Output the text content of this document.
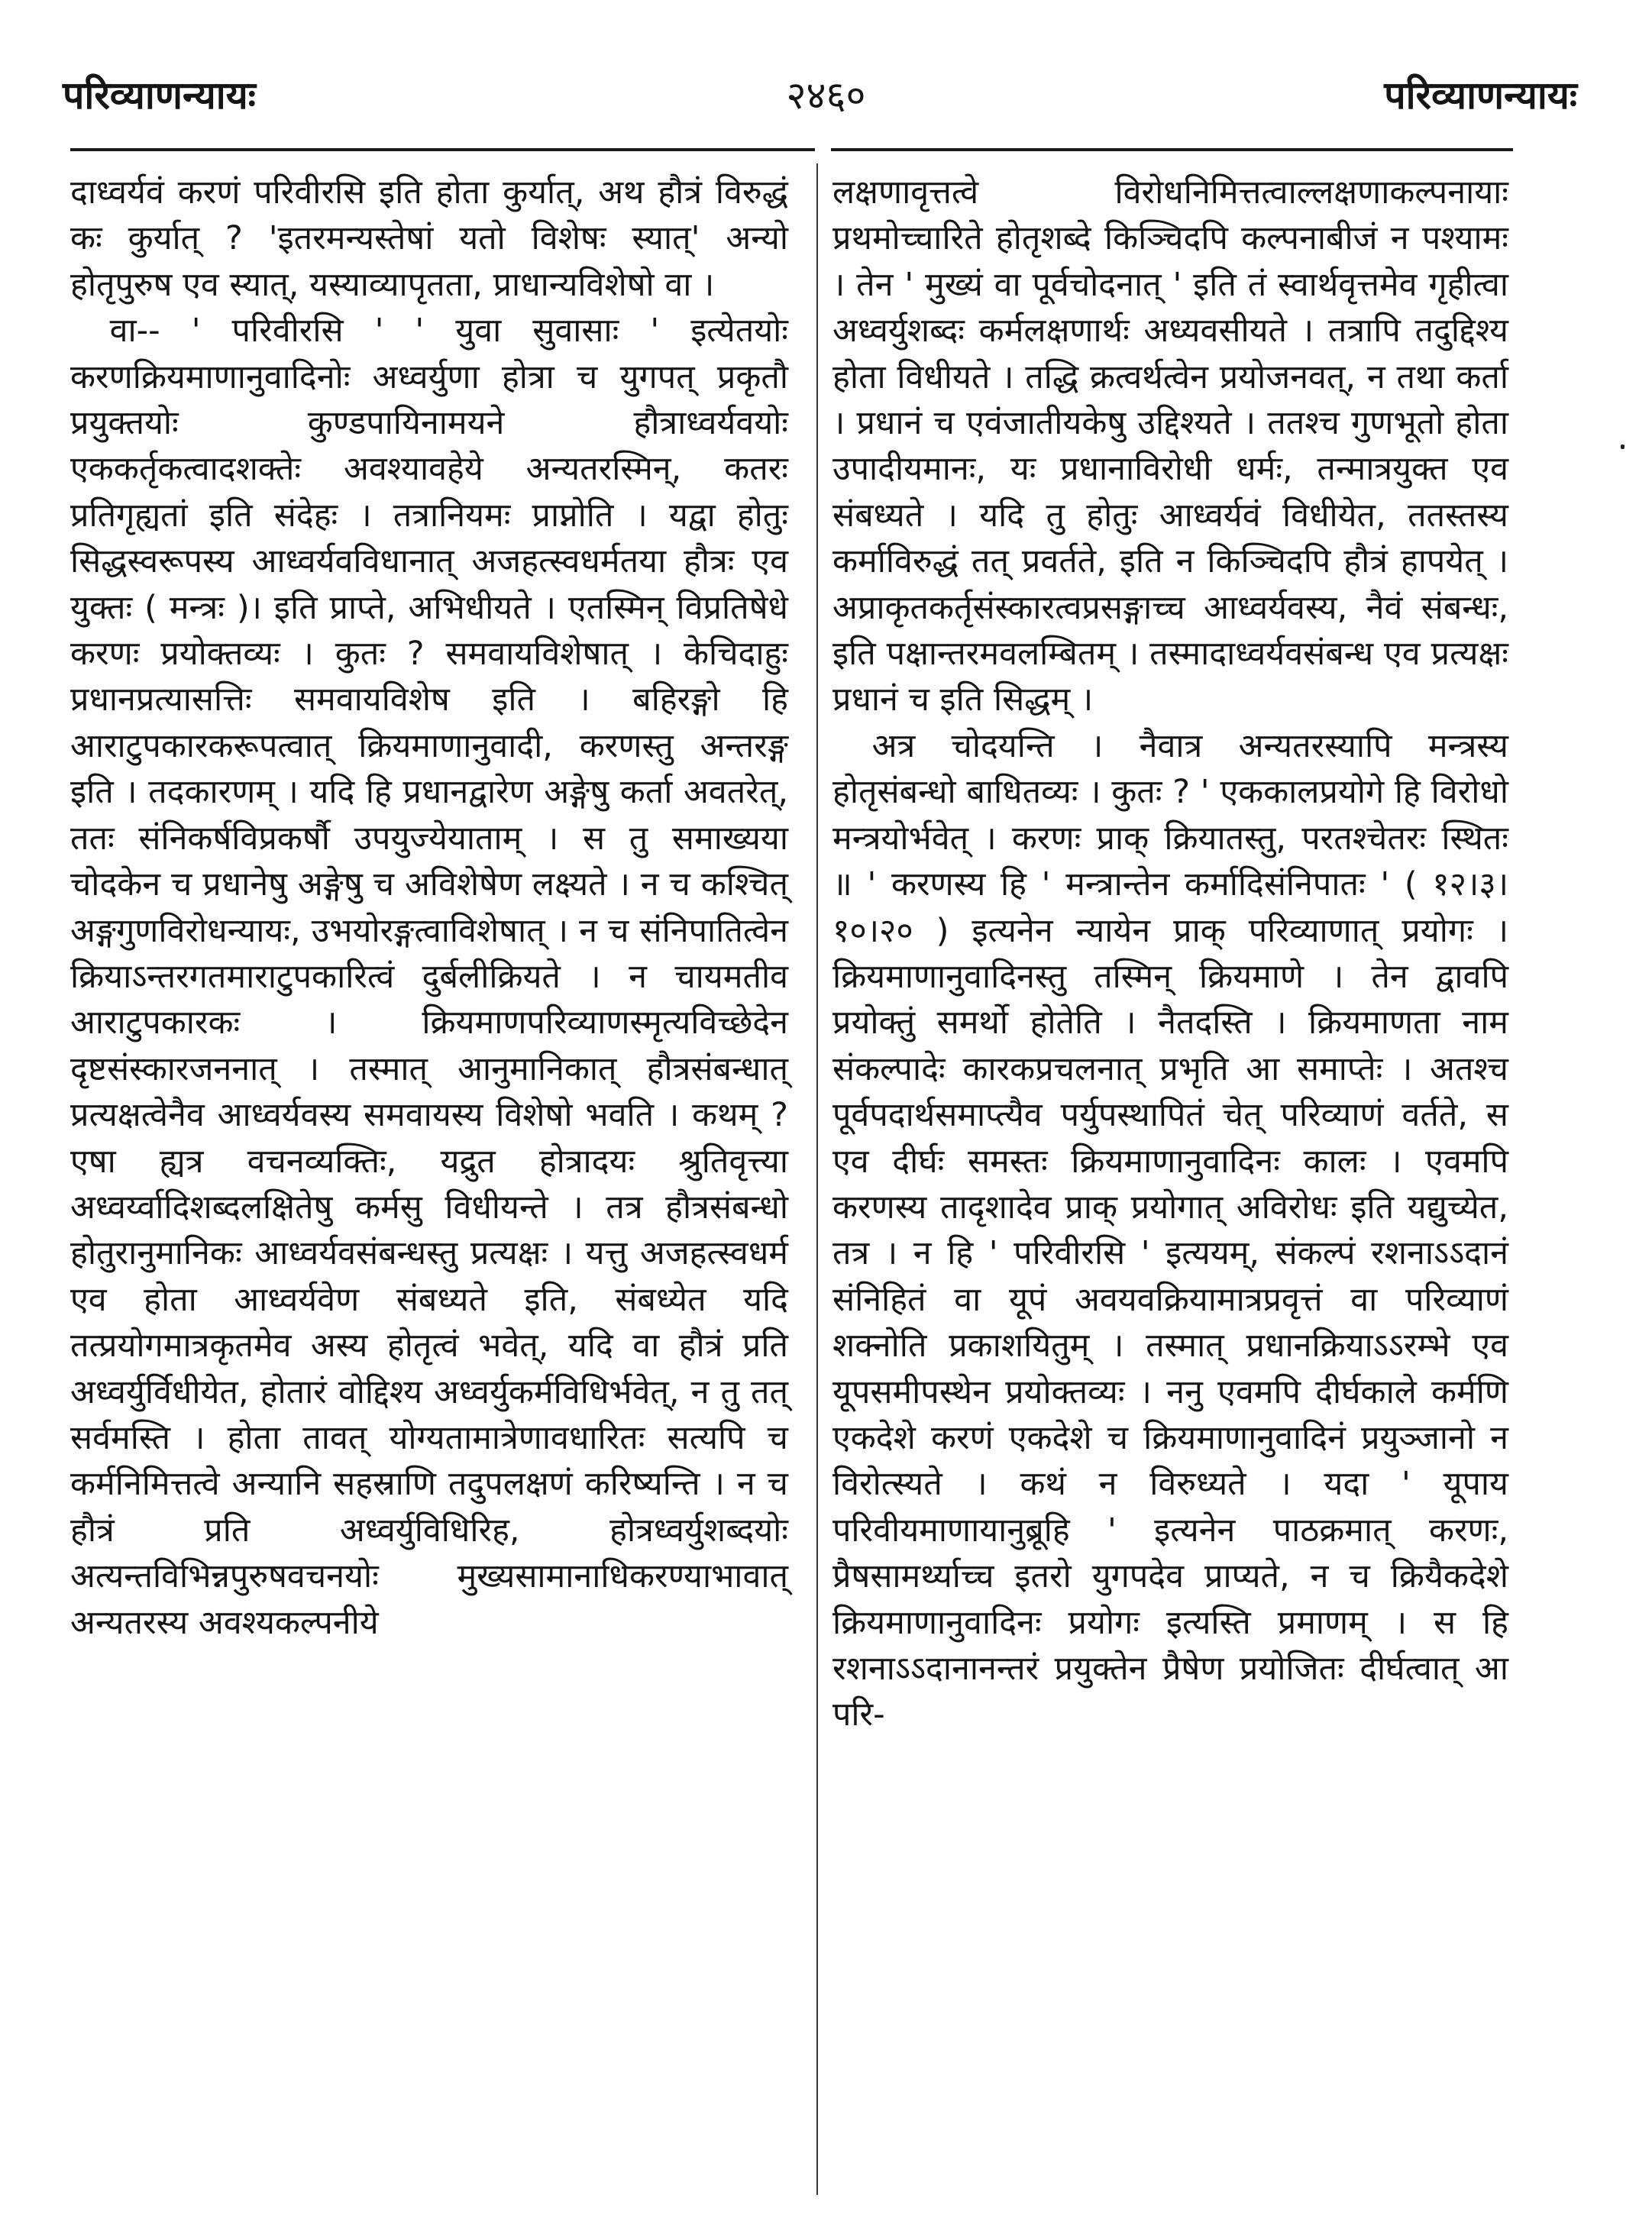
परिव्याणन्यायः	२४६०	परिव्याणन्यायः

दाध्वर्यवं करणं परिवीरसि इति होता कुर्यात्, अथ हौत्रं विरुद्धं कः कुर्यात् ? 'इतरमन्यस्तेषां यतो विशेषः स्यात्' अन्यो होतृपुरुष एव स्यात्, यस्याव्यापृतता, प्राधान्यविशेषो वा ।

वा-- ' परिवीरसि ' ' युवा सुवासाः ' इत्येतयोः करणक्रियमाणानुवादिनोः अध्वर्युणा होत्रा च युगपत् प्रकृतौ प्रयुक्तयोः कुण्डपायिनामयने हौत्राध्वर्यवयोः एककर्तृकत्वादशक्तेः अवश्यावहेये अन्यतरस्मिन्, कतरः प्रतिगृह्यतां इति संदेहः । तत्रानियमः प्राप्नोति । यद्वा होतुः सिद्धस्वरूपस्य आध्वर्यवविधानात् अजहत्स्वधर्मतया हौत्रः एव युक्तः ( मन्त्रः )। इति प्राप्ते, अभिधीयते । एतस्मिन् विप्रतिषेधे करणः प्रयोक्तव्यः । कुतः ? समवायविशेषात् । केचिदाहुः प्रधानप्रत्यासत्तिः समवायविशेष इति । बहिरङ्गो हि आराटुपकारकरूपत्वात् क्रियमाणानुवादी, करणस्तु अन्तरङ्ग इति । तदकारणम् । यदि हि प्रधानद्वारेण अङ्गेषु कर्ता अवतरेत्, ततः संनिकर्षविप्रकर्षौ उपयुज्येयाताम् । स तु समाख्यया चोदकेन च प्रधानेषु अङ्गेषु च अविशेषेण लक्ष्यते । न च कश्चित् अङ्गगुणविरोधन्यायः, उभयोरङ्गत्वाविशेषात् । न च संनिपातित्वेन क्रियाऽन्तरगतमाराटुपकारित्वं दुर्बलीक्रियते । न चायमतीव आराटुपकारकः । क्रियमाणपरिव्याणस्मृत्यविच्छेदेन दृष्टसंस्कारजननात् । तस्मात् आनुमानिकात् हौत्रसंबन्धात् प्रत्यक्षत्वेनैव आध्वर्यवस्य समवायस्य विशेषो भवति । कथम् ? एषा ह्यत्र वचनव्यक्तिः, यद्रुत होत्रादयः श्रुतिवृत्त्या अध्वर्य्वादिशब्दलक्षितेषु कर्मसु विधीयन्ते । तत्र हौत्रसंबन्धो होतुरानुमानिकः आध्वर्यवसंबन्धस्तु प्रत्यक्षः । यत्तु अजहत्स्वधर्म एव होता आध्वर्यवेण संबध्यते इति, संबध्येत यदि तत्प्रयोगमात्रकृतमेव अस्य होतृत्वं भवेत्, यदि वा हौत्रं प्रति अध्वर्युर्विधीयेत, होतारं वोद्दिश्य अध्वर्युकर्मविधिर्भवेत्, न तु तत् सर्वमस्ति । होता तावत् योग्यतामात्रेणावधारितः सत्यपि च कर्मनिमित्तत्वे अन्यानि सहस्राणि तदुपलक्षणं करिष्यन्ति । न च हौत्रं प्रति अध्वर्युविधिरिह, होत्रध्वर्युशब्दयोः अत्यन्तविभिन्नपुरुषवचनयोः मुख्यसामानाधिकरण्याभावात् अन्यतरस्य अवश्यकल्पनीये

लक्षणावृत्तत्वे विरोधनिमित्तत्वाल्लक्षणाकल्पनायाः प्रथमोच्चारिते होतृशब्दे किञ्चिदपि कल्पनाबीजं न पश्यामः । तेन ' मुख्यं वा पूर्वचोदनात् ' इति तं स्वार्थवृत्तमेव गृहीत्वा अध्वर्युशब्दः कर्मलक्षणार्थः अध्यवसीयते । तत्रापि तदुद्दिश्य होता विधीयते । तद्धि क्रत्वर्थत्वेन प्रयोजनवत्, न तथा कर्ता । प्रधानं च एवंजातीयकेषु उद्दिश्यते । ततश्च गुणभूतो होता उपादीयमानः, यः प्रधानाविरोधी धर्मः, तन्मात्रयुक्त एव संबध्यते । यदि तु होतुः आध्वर्यवं विधीयेत, ततस्तस्य कर्माविरुद्धं तत् प्रवर्तते, इति न किञ्चिदपि हौत्रं हापयेत् । अप्राकृतकर्तृसंस्कारत्वप्रसङ्गाच्च आध्वर्यवस्य, नैवं संबन्धः, इति पक्षान्तरमवलम्बितम् । तस्मादाध्वर्यवसंबन्ध एव प्रत्यक्षः प्रधानं च इति सिद्धम् ।

अत्र चोदयन्ति । नैवात्र अन्यतरस्यापि मन्त्रस्य होतृसंबन्धो बाधितव्यः । कुतः ? ' एककालप्रयोगे हि विरोधो मन्त्रयोर्भवेत् । करणः प्राक् क्रियातस्तु, परतश्चेतरः स्थितः ॥ ' करणस्य हि ' मन्त्रान्तेन कर्मादिसंनिपातः ' ( १२।३।१०।२० ) इत्यनेन न्यायेन प्राक् परिव्याणात् प्रयोगः । क्रियमाणानुवादिनस्तु तस्मिन् क्रियमाणे । तेन द्वावपि प्रयोक्तुं समर्थो होतेति । नैतदस्ति । क्रियमाणता नाम संकल्पादेः कारकप्रचलनात् प्रभृति आ समाप्तेः । अतश्च पूर्वपदार्थसमाप्त्यैव पर्युपस्थापितं चेत् परिव्याणं वर्तते, स एव दीर्घः समस्तः क्रियमाणानुवादिनः कालः । एवमपि करणस्य तादृशादेव प्राक् प्रयोगात् अविरोधः इति यद्युच्येत, तत्र । न हि ' परिवीरसि ' इत्ययम्, संकल्पं रशनाऽऽदानं संनिहितं वा यूपं अवयवक्रियामात्रप्रवृत्तं वा परिव्याणं शक्नोति प्रकाशयितुम् । तस्मात् प्रधानक्रियाऽऽरम्भे एव यूपसमीपस्थेन प्रयोक्तव्यः । ननु एवमपि दीर्घकाले कर्मणि एकदेशे करणं एकदेशे च क्रियमाणानुवादिनं प्रयुञ्जानो न विरोत्स्यते । कथं न विरुध्यते । यदा ' यूपाय परिवीयमाणायानुब्रूहि ' इत्यनेन पाठक्रमात् करणः, प्रैषसामर्थ्याच्च इतरो युगपदेव प्राप्यते, न च क्रियैकदेशे क्रियमाणानुवादिनः प्रयोगः इत्यस्ति प्रमाणम् । स हि रशनाऽऽदानानन्तरं प्रयुक्तेन प्रैषेण प्रयोजितः दीर्घत्वात् आ परि-
